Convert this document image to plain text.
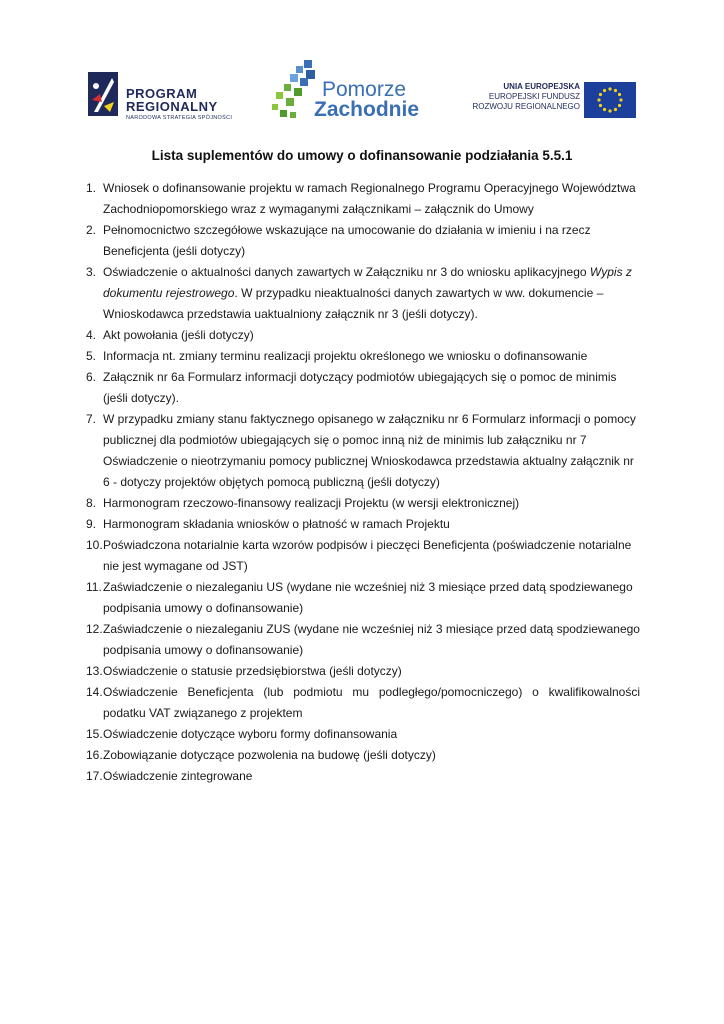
PROGRAM
REGIONALNY
NARODOWA STRATEGIA SPÓJNOŚCI
Pomorze
Zachodnie
UNIA EUROPEJSKA
EUROPEJSKI FUNDUSZ
ROZWOJU REGIONALNEGO
Lista suplementów do umowy o dofinansowanie podziałania 5.5.1
1. Wniosek o dofinansowanie projektu w ramach Regionalnego Programu Operacyjnego Województwa Zachodniopomorskiego wraz z wymaganymi załącznikami – załącznik do Umowy
2. Pełnomocnictwo szczegółowe wskazujące na umocowanie do działania w imieniu i na rzecz Beneficjenta (jeśli dotyczy)
3. Oświadczenie o aktualności danych zawartych w Załączniku nr 3 do wniosku aplikacyjnego Wypis z dokumentu rejestrowego. W przypadku nieaktualności danych zawartych w ww. dokumencie – Wnioskodawca przedstawia uaktualniony załącznik nr 3 (jeśli dotyczy).
4. Akt powołania (jeśli dotyczy)
5. Informacja nt. zmiany terminu realizacji projektu określonego we wniosku o dofinansowanie
6. Załącznik nr 6a Formularz informacji dotyczący podmiotów ubiegających się o pomoc de minimis (jeśli dotyczy).
7. W przypadku zmiany stanu faktycznego opisanego w załączniku nr 6 Formularz informacji o pomocy publicznej dla podmiotów ubiegających się o pomoc inną niż de minimis lub załączniku nr 7 Oświadczenie o nieotrzymaniu pomocy publicznej Wnioskodawca przedstawia aktualny załącznik nr 6 - dotyczy projektów objętych pomocą publiczną (jeśli dotyczy)
8. Harmonogram rzeczowo-finansowy realizacji Projektu (w wersji elektronicznej)
9. Harmonogram składania wniosków o płatność w ramach Projektu
10. Poświadczona notarialnie karta wzorów podpisów i pieczęci Beneficjenta (poświadczenie notarialne nie jest wymagane od JST)
11. Zaświadczenie o niezaleganiu US (wydane nie wcześniej niż 3 miesiące przed datą spodziewanego podpisania umowy o dofinansowanie)
12. Zaświadczenie o niezaleganiu ZUS (wydane nie wcześniej niż 3 miesiące przed datą spodziewanego podpisania umowy o dofinansowanie)
13. Oświadczenie o statusie przedsiębiorstwa (jeśli dotyczy)
14. Oświadczenie Beneficjenta (lub podmiotu mu podległego/pomocniczego) o kwalifikowalności podatku VAT związanego z projektem
15. Oświadczenie dotyczące wyboru formy dofinansowania
16. Zobowiązanie dotyczące pozwolenia na budowę (jeśli dotyczy)
17. Oświadczenie zintegrowane
